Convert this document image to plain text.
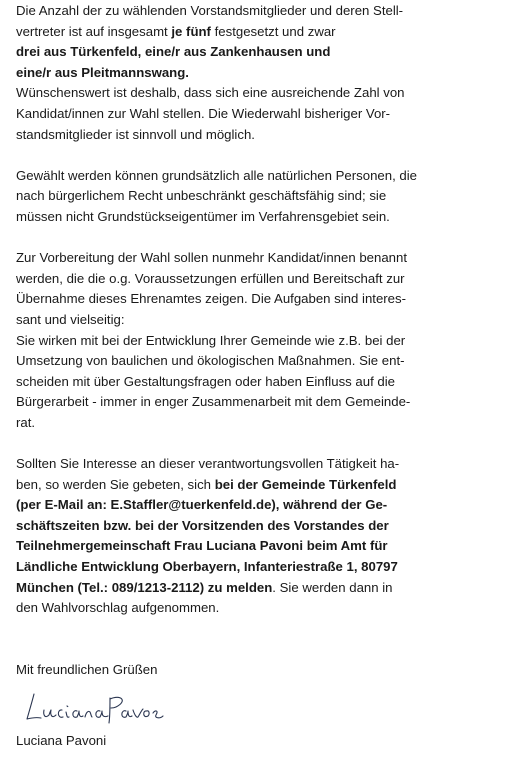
Die Anzahl der zu wählenden Vorstandsmitglieder und deren Stell-
vertreter ist auf insgesamt je fünf festgesetzt und zwar
drei aus Türkenfeld, eine/r aus Zankenhausen und
eine/r aus Pleitmannswang.
Wünschenswert ist deshalb, dass sich eine ausreichende Zahl von
Kandidat/innen zur Wahl stellen. Die Wiederwahl bisheriger Vor-
standsmitglieder ist sinnvoll und möglich.
Gewählt werden können grundsätzlich alle natürlichen Personen, die
nach bürgerlichem Recht unbeschränkt geschäftsfähig sind; sie
müssen nicht Grundstückseigentümer im Verfahrensgebiet sein.
Zur Vorbereitung der Wahl sollen nunmehr Kandidat/innen benannt
werden, die die o.g. Voraussetzungen erfüllen und Bereitschaft zur
Übernahme dieses Ehrenamtes zeigen. Die Aufgaben sind interes-
sant und vielseitig:
Sie wirken mit bei der Entwicklung Ihrer Gemeinde wie z.B. bei der
Umsetzung von baulichen und ökologischen Maßnahmen. Sie ent-
scheiden mit über Gestaltungsfragen oder haben Einfluss auf die
Bürgerarbeit - immer in enger Zusammenarbeit mit dem Gemeinde-
rat.
Sollten Sie Interesse an dieser verantwortungsvollen Tätigkeit ha-
ben, so werden Sie gebeten, sich bei der Gemeinde Türkenfeld
(per E-Mail an: E.Staffler@tuerkenfeld.de), während der Ge-
schäftszeiten bzw. bei der Vorsitzenden des Vorstandes der
Teilnehmergemeinschaft Frau Luciana Pavoni beim Amt für
Ländliche Entwicklung Oberbayern, Infanteriestraße 1, 80797
München (Tel.: 089/1213-2112) zu melden. Sie werden dann in
den Wahlvorschlag aufgenommen.
Mit freundlichen Grüßen
Luciana Pavoni
